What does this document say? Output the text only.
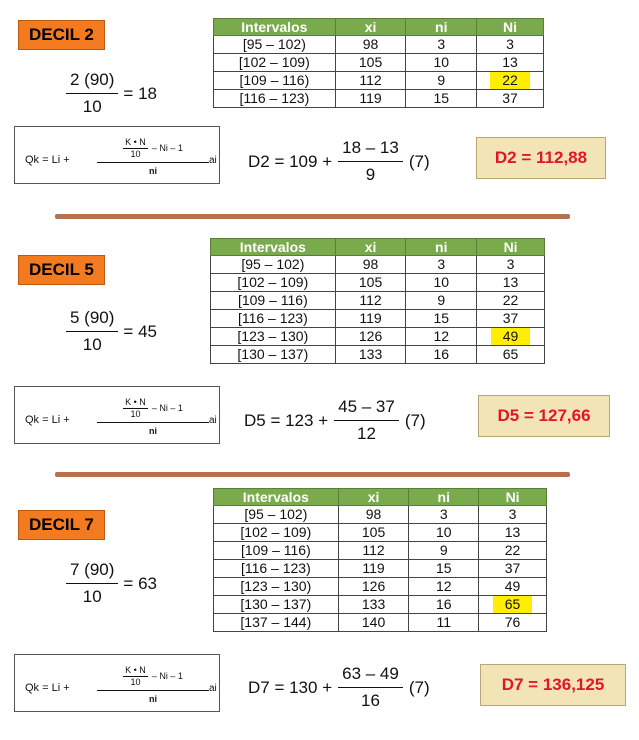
DECIL 2
$\frac{2 (90)}{10} = 18$
Intervalos	xi	ni	Ni
[95 – 102)	98	3	3
[102 – 109)	105	10	13
[109 – 116)	112	9	22
[116 – 123)	119	15	37
Qk = Li +
K • N
10
– Ni – 1
ni
ai $D2 = 109 + \frac{18 - 13}{9} (7)$	D2 = 112,88
DECIL 5
$\frac{5 (90)}{10} = 45$
Intervalos	xi	ni	Ni
[95 – 102)	98	3	3
[102 – 109)	105	10	13
[109 – 116)	112	9	22
[116 – 123)	119	15	37
[123 – 130)	126	12	49
[130 – 137)	133	16	65
Qk = Li +
K • N
10
– Ni – 1
ni
ai $D5 = 123 + \frac{45 - 37}{12} (7)$	D5 = 127,66
DECIL 7
$\frac{7 (90)}{10} = 63$
Intervalos	xi	ni	Ni
[95 – 102)	98	3	3
[102 – 109)	105	10	13
[109 – 116)	112	9	22
[116 – 123)	119	15	37
[123 – 130)	126	12	49
[130 – 137)	133	16	65
[137 – 144)	140	11	76
Qk = Li +
K • N
10
– Ni – 1
ni
ai $D7 = 130 + \frac{63 - 49}{16} (7)$	D7 = 136,125
